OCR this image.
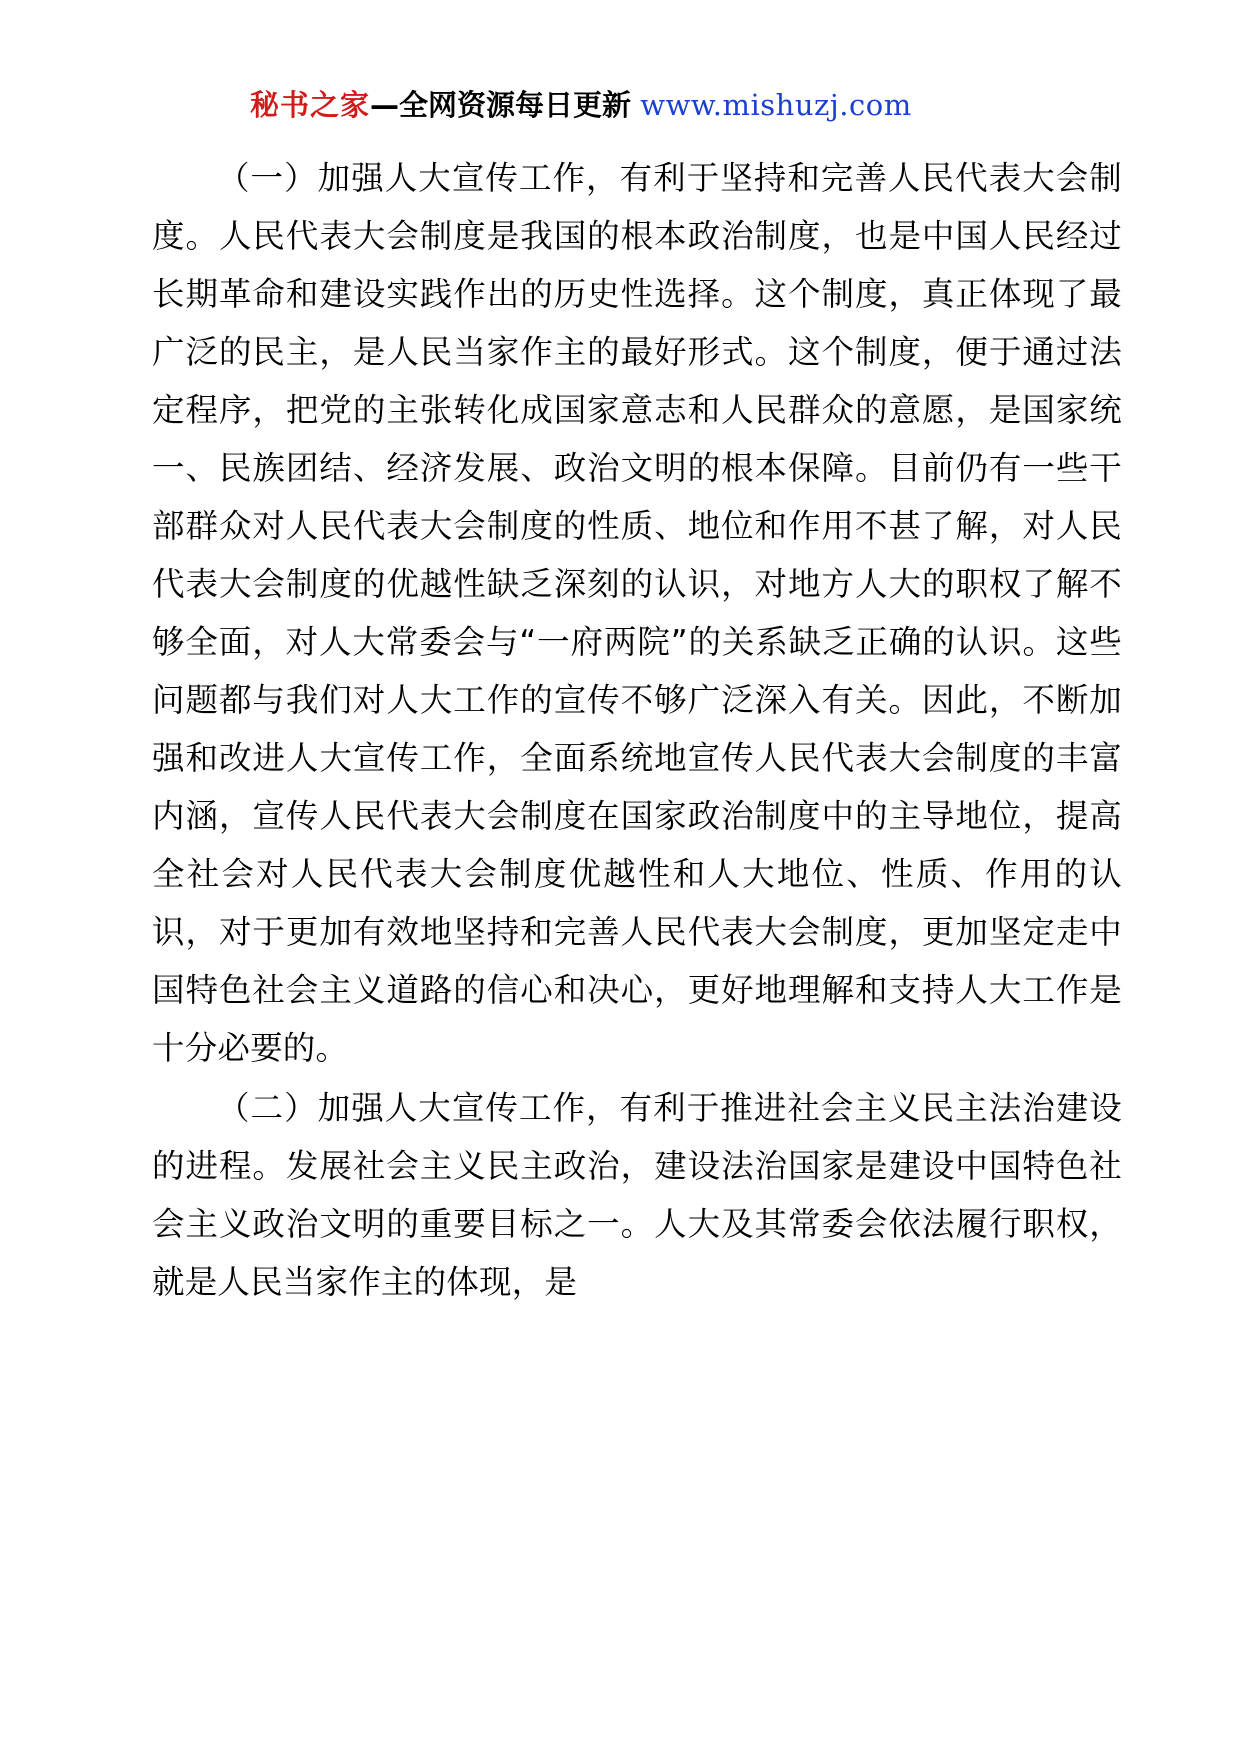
秘书之家—全网资源每日更新 www.mishuzj.com

（一）加强人大宣传工作，有利于坚持和完善人民代表大会制度。人民代表大会制度是我国的根本政治制度，也是中国人民经过长期革命和建设实践作出的历史性选择。这个制度，真正体现了最广泛的民主，是人民当家作主的最好形式。这个制度，便于通过法定程序，把党的主张转化成国家意志和人民群众的意愿，是国家统一、民族团结、经济发展、政治文明的根本保障。目前仍有一些干部群众对人民代表大会制度的性质、地位和作用不甚了解，对人民代表大会制度的优越性缺乏深刻的认识，对地方人大的职权了解不够全面，对人大常委会与“一府两院”的关系缺乏正确的认识。这些问题都与我们对人大工作的宣传不够广泛深入有关。因此，不断加强和改进人大宣传工作，全面系统地宣传人民代表大会制度的丰富内涵，宣传人民代表大会制度在国家政治制度中的主导地位，提高全社会对人民代表大会制度优越性和人大地位、性质、作用的认识，对于更加有效地坚持和完善人民代表大会制度，更加坚定走中国特色社会主义道路的信心和决心，更好地理解和支持人大工作是十分必要的。

（二）加强人大宣传工作，有利于推进社会主义民主法治建设的进程。发展社会主义民主政治，建设法治国家是建设中国特色社会主义政治文明的重要目标之一。人大及其常委会依法履行职权，就是人民当家作主的体现，是
